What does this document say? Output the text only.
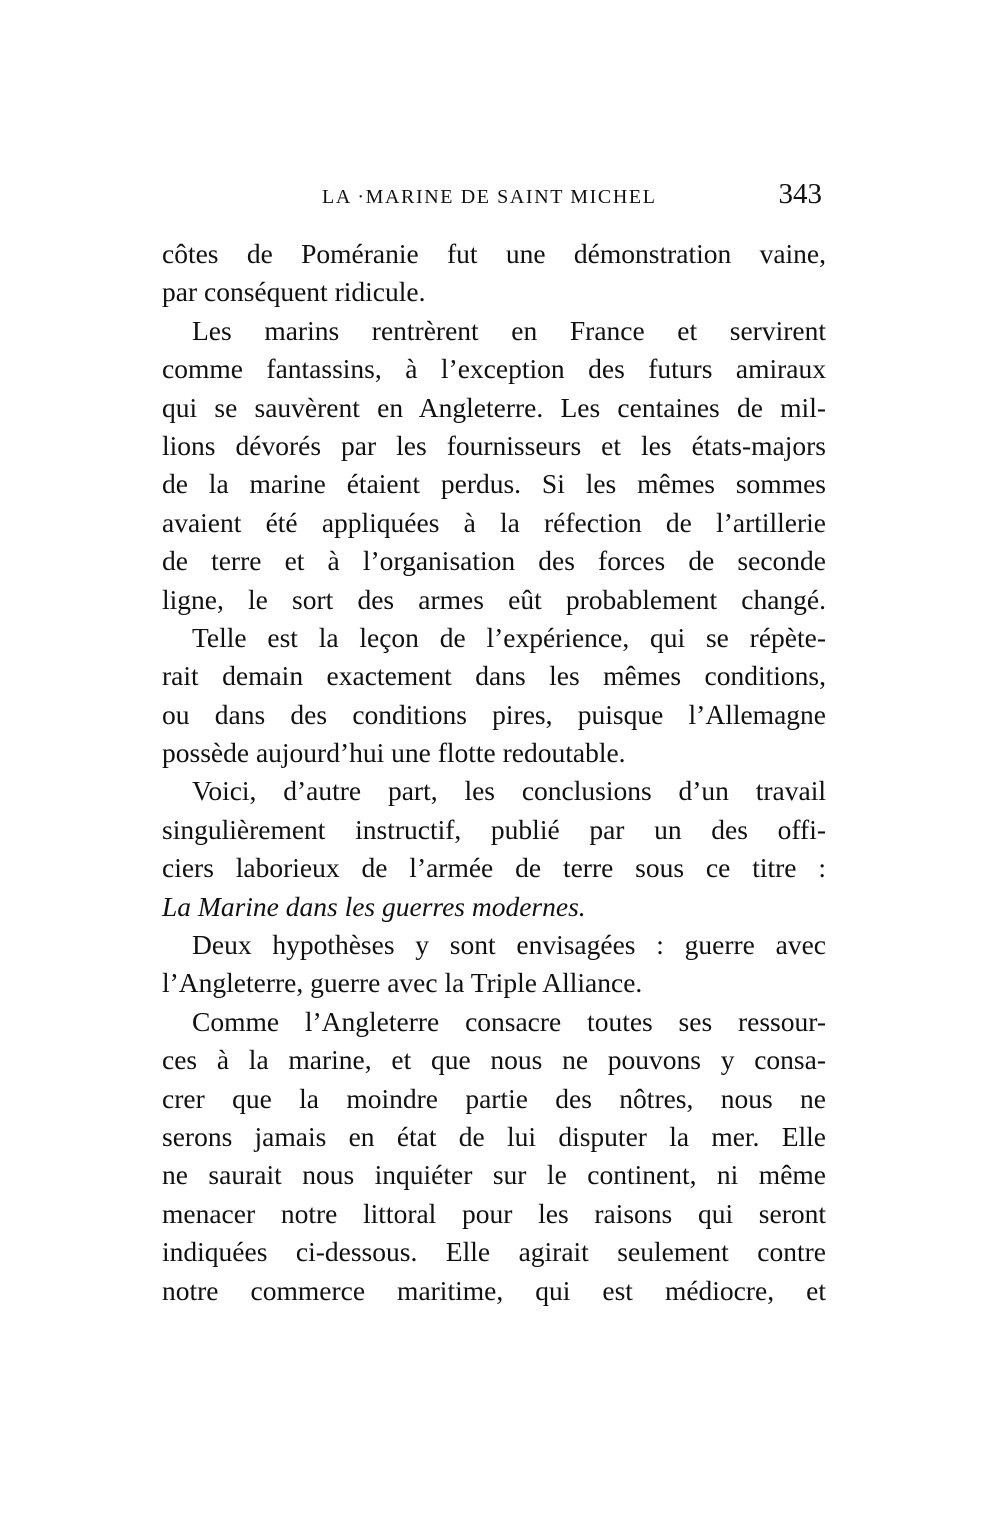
LA ·MARINE DE SAINT MICHEL	343
côtes de Poméranie fut une démonstration vaine,
par conséquent ridicule.
Les marins rentrèrent en France et servirent
comme fantassins, à l’exception des futurs amiraux
qui se sauvèrent en Angleterre. Les centaines de mil-
lions dévorés par les fournisseurs et les états-majors
de la marine étaient perdus. Si les mêmes sommes
avaient été appliquées à la réfection de l’artillerie
de terre et à l’organisation des forces de seconde
ligne, le sort des armes eût probablement changé.
Telle est la leçon de l’expérience, qui se répète-
rait demain exactement dans les mêmes conditions,
ou dans des conditions pires, puisque l’Allemagne
possède aujourd’hui une flotte redoutable.
Voici, d’autre part, les conclusions d’un travail
singulièrement instructif, publié par un des offi-
ciers laborieux de l’armée de terre sous ce titre :
La Marine dans les guerres modernes.
Deux hypothèses y sont envisagées : guerre avec
l’Angleterre, guerre avec la Triple Alliance.
Comme l’Angleterre consacre toutes ses ressour-
ces à la marine, et que nous ne pouvons y consa-
crer que la moindre partie des nôtres, nous ne
serons jamais en état de lui disputer la mer. Elle
ne saurait nous inquiéter sur le continent, ni même
menacer notre littoral pour les raisons qui seront
indiquées ci-dessous. Elle agirait seulement contre
notre commerce maritime, qui est médiocre, et
